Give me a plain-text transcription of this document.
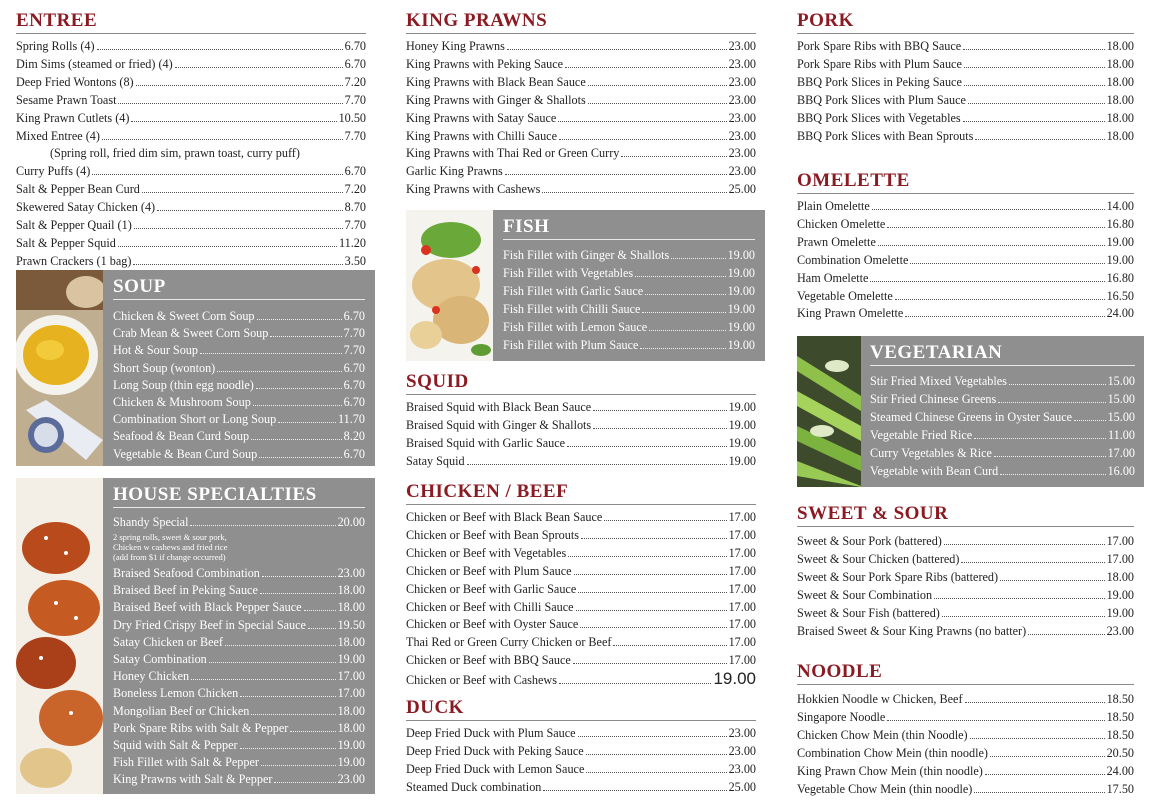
ENTREE
Spring Rolls (4)	6.70
Dim Sims (steamed or fried) (4)	6.70
Deep Fried Wontons (8)	7.20
Sesame Prawn Toast	7.70
King Prawn Cutlets (4)	10.50
Mixed Entree (4)	7.70
(Spring roll, fried dim sim, prawn toast, curry puff)
Curry Puffs (4)	6.70
Salt & Pepper Bean Curd	7.20
Skewered Satay Chicken (4)	8.70
Salt & Pepper Quail (1)	7.70
Salt & Pepper Squid	11.20
Prawn Crackers (1 bag)	3.50
SOUP
Chicken & Sweet Corn Soup	6.70
Crab Mean & Sweet Corn Soup	7.70
Hot & Sour Soup	7.70
Short Soup (wonton)	6.70
Long Soup (thin egg noodle)	6.70
Chicken & Mushroom Soup	6.70
Combination Short or Long Soup	11.70
Seafood & Bean Curd Soup	8.20
Vegetable & Bean Curd Soup	6.70
HOUSE SPECIALTIES
Shandy Special	20.00
2 spring rolls, sweet & sour pork,
Chicken w cashews and fried rice
(add from $1 if change occurred)
Braised Seafood Combination	23.00
Braised Beef in Peking Sauce	18.00
Braised Beef with Black Pepper Sauce	18.00
Dry Fried Crispy Beef in Special Sauce	19.50
Satay Chicken or Beef	18.00
Satay Combination	19.00
Honey Chicken	17.00
Boneless Lemon Chicken	17.00
Mongolian Beef or Chicken	18.00
Pork Spare Ribs with Salt & Pepper	18.00
Squid with Salt & Pepper	19.00
Fish Fillet with Salt & Pepper	19.00
King Prawns with Salt & Pepper	23.00
KING PRAWNS
Honey King Prawns	23.00
King Prawns with Peking Sauce	23.00
King Prawns with Black Bean Sauce	23.00
King Prawns with Ginger & Shallots	23.00
King Prawns with Satay Sauce	23.00
King Prawns with Chilli Sauce	23.00
King Prawns with Thai Red or Green Curry	23.00
Garlic King Prawns	23.00
King Prawns with Cashews	25.00
FISH
Fish Fillet with Ginger & Shallots	19.00
Fish Fillet with Vegetables	19.00
Fish Fillet with Garlic Sauce	19.00
Fish Fillet with Chilli Sauce	19.00
Fish Fillet with Lemon Sauce	19.00
Fish Fillet with Plum Sauce	19.00
SQUID
Braised Squid with Black Bean Sauce	19.00
Braised Squid with Ginger & Shallots	19.00
Braised Squid with Garlic Sauce	19.00
Satay Squid	19.00
CHICKEN / BEEF
Chicken or Beef with Black Bean Sauce	17.00
Chicken or Beef with Bean Sprouts	17.00
Chicken or Beef with Vegetables	17.00
Chicken or Beef with Plum Sauce	17.00
Chicken or Beef with Garlic Sauce	17.00
Chicken or Beef with Chilli Sauce	17.00
Chicken or Beef with Oyster Sauce	17.00
Thai Red or Green Curry Chicken or Beef	17.00
Chicken or Beef with BBQ Sauce	17.00
Chicken or Beef with Cashews	19.00
DUCK
Deep Fried Duck with Plum Sauce	23.00
Deep Fried Duck with Peking Sauce	23.00
Deep Fried Duck with Lemon Sauce	23.00
Steamed Duck combination	25.00
PORK
Pork Spare Ribs with BBQ Sauce	18.00
Pork Spare Ribs with Plum Sauce	18.00
BBQ Pork Slices in Peking Sauce	18.00
BBQ Pork Slices with Plum Sauce	18.00
BBQ Pork Slices with Vegetables	18.00
BBQ Pork Slices with Bean Sprouts	18.00
OMELETTE
Plain Omelette	14.00
Chicken Omelette	16.80
Prawn Omelette	19.00
Combination Omelette	19.00
Ham Omelette	16.80
Vegetable Omelette	16.50
King Prawn Omelette	24.00
VEGETARIAN
Stir Fried Mixed Vegetables	15.00
Stir Fried Chinese Greens	15.00
Steamed Chinese Greens in Oyster Sauce	15.00
Vegetable Fried Rice	11.00
Curry Vegetables & Rice	17.00
Vegetable with Bean Curd	16.00
SWEET & SOUR
Sweet & Sour Pork (battered)	17.00
Sweet & Sour Chicken (battered)	17.00
Sweet & Sour Pork Spare Ribs (battered)	18.00
Sweet & Sour Combination	19.00
Sweet & Sour Fish (battered)	19.00
Braised Sweet & Sour King Prawns (no batter)	23.00
NOODLE
Hokkien Noodle w Chicken, Beef	18.50
Singapore Noodle	18.50
Chicken Chow Mein (thin Noodle)	18.50
Combination Chow Mein (thin noodle)	20.50
King Prawn Chow Mein (thin noodle)	24.00
Vegetable Chow Mein (thin noodle)	17.50
